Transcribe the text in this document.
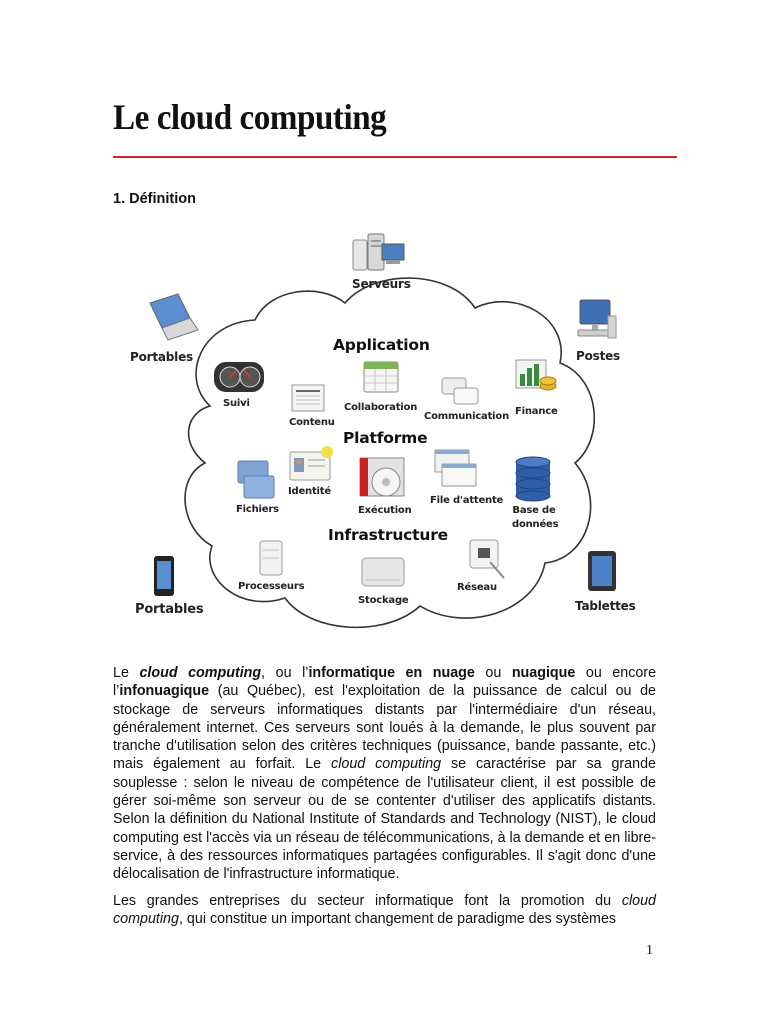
Le cloud computing
1. Définition
Application
Platforme
Infrastructure
Serveurs
Portables	Postes
Portables	Tablettes
Suivi
Contenu
Collaboration
Communication Finance
Identité
Fichiers	Exécution
File d'attente
Base de
données
Processeurs
Stockage
Réseau

Le cloud computing, ou l’informatique en nuage ou nuagique ou encore l’infonuagique (au Québec), est l'exploitation de la puissance de calcul ou de stockage de serveurs informatiques distants par l'intermédiaire d'un réseau, généralement internet. Ces serveurs sont loués à la demande, le plus souvent par tranche d'utilisation selon des critères techniques (puissance, bande passante, etc.) mais également au forfait. Le cloud computing se caractérise par sa grande souplesse : selon le niveau de compétence de l'utilisateur client, il est possible de gérer soi-même son serveur ou de se contenter d'utiliser des applicatifs distants. Selon la définition du National Institute of Standards and Technology (NIST), le cloud computing est l'accès via un réseau de télécommunications, à la demande et en libre-service, à des ressources informatiques partagées configurables. Il s'agit donc d'une délocalisation de l'infrastructure informatique.

Les grandes entreprises du secteur informatique font la promotion du cloud computing, qui constitue un important changement de paradigme des systèmes

1
